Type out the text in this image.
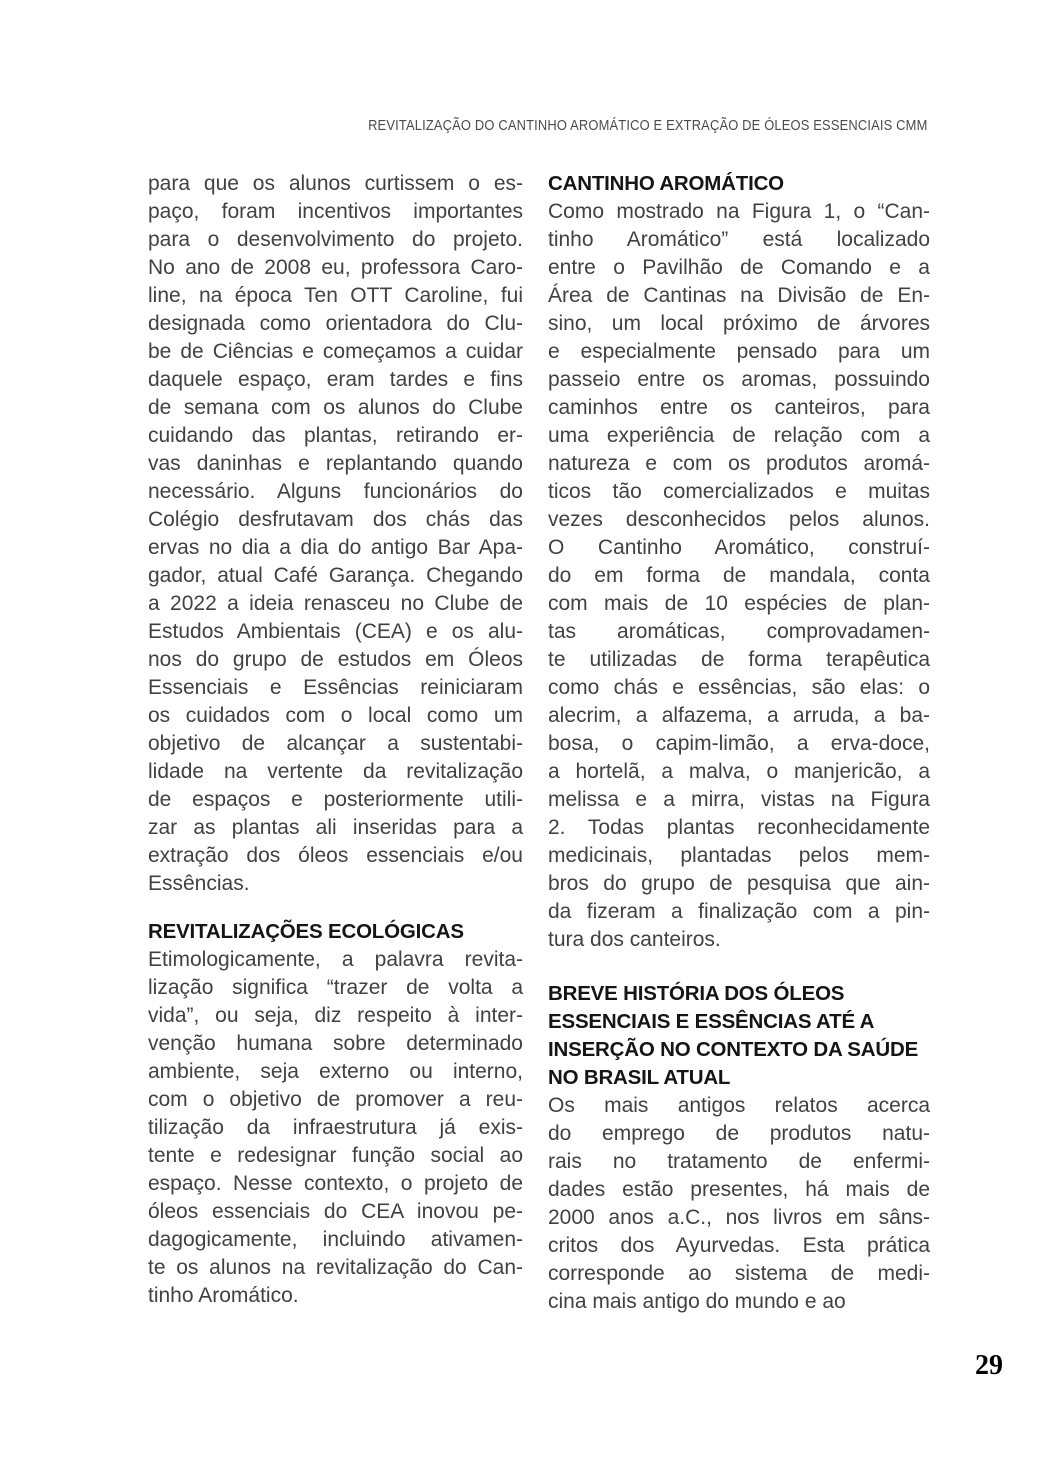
REVITALIZAÇÃO DO CANTINHO AROMÁTICO E EXTRAÇÃO DE ÓLEOS ESSENCIAIS CMM
para que os alunos curtissem o es-
paço, foram incentivos importantes
para o desenvolvimento do projeto.
No ano de 2008 eu, professora Caro-
line, na época Ten OTT Caroline, fui
designada como orientadora do Clu-
be de Ciências e começamos a cuidar
daquele espaço, eram tardes e fins
de semana com os alunos do Clube
cuidando das plantas, retirando er-
vas daninhas e replantando quando
necessário. Alguns funcionários do
Colégio desfrutavam dos chás das
ervas no dia a dia do antigo Bar Apa-
gador, atual Café Garança. Chegando
a 2022 a ideia renasceu no Clube de
Estudos Ambientais (CEA) e os alu-
nos do grupo de estudos em Óleos
Essenciais e Essências reiniciaram
os cuidados com o local como um
objetivo de alcançar a sustentabi-
lidade na vertente da revitalização
de espaços e posteriormente utili-
zar as plantas ali inseridas para a
extração dos óleos essenciais e/ou
Essências.
REVITALIZAÇÕES ECOLÓGICAS
Etimologicamente, a palavra revita-
lização significa “trazer de volta a
vida”, ou seja, diz respeito à inter-
venção humana sobre determinado
ambiente, seja externo ou interno,
com o objetivo de promover a reu-
tilização da infraestrutura já exis-
tente e redesignar função social ao
espaço. Nesse contexto, o projeto de
óleos essenciais do CEA inovou pe-
dagogicamente, incluindo ativamen-
te os alunos na revitalização do Can-
tinho Aromático.
CANTINHO AROMÁTICO
Como mostrado na Figura 1, o “Can-
tinho Aromático” está localizado
entre o Pavilhão de Comando e a
Área de Cantinas na Divisão de En-
sino, um local próximo de árvores
e especialmente pensado para um
passeio entre os aromas, possuindo
caminhos entre os canteiros, para
uma experiência de relação com a
natureza e com os produtos aromá-
ticos tão comercializados e muitas
vezes desconhecidos pelos alunos.
O Cantinho Aromático, construí-
do em forma de mandala, conta
com mais de 10 espécies de plan-
tas aromáticas, comprovadamen-
te utilizadas de forma terapêutica
como chás e essências, são elas: o
alecrim, a alfazema, a arruda, a ba-
bosa, o capim-limão, a erva-doce,
a hortelã, a malva, o manjericão, a
melissa e a mirra, vistas na Figura
2. Todas plantas reconhecidamente
medicinais, plantadas pelos mem-
bros do grupo de pesquisa que ain-
da fizeram a finalização com a pin-
tura dos canteiros.
BREVE HISTÓRIA DOS ÓLEOS
ESSENCIAIS E ESSÊNCIAS ATÉ A
INSERÇÃO NO CONTEXTO DA SAÚDE
NO BRASIL ATUAL
Os mais antigos relatos acerca
do emprego de produtos natu-
rais no tratamento de enfermi-
dades estão presentes, há mais de
2000 anos a.C., nos livros em sâns-
critos dos Ayurvedas. Esta prática
corresponde ao sistema de medi-
cina mais antigo do mundo e ao
29
